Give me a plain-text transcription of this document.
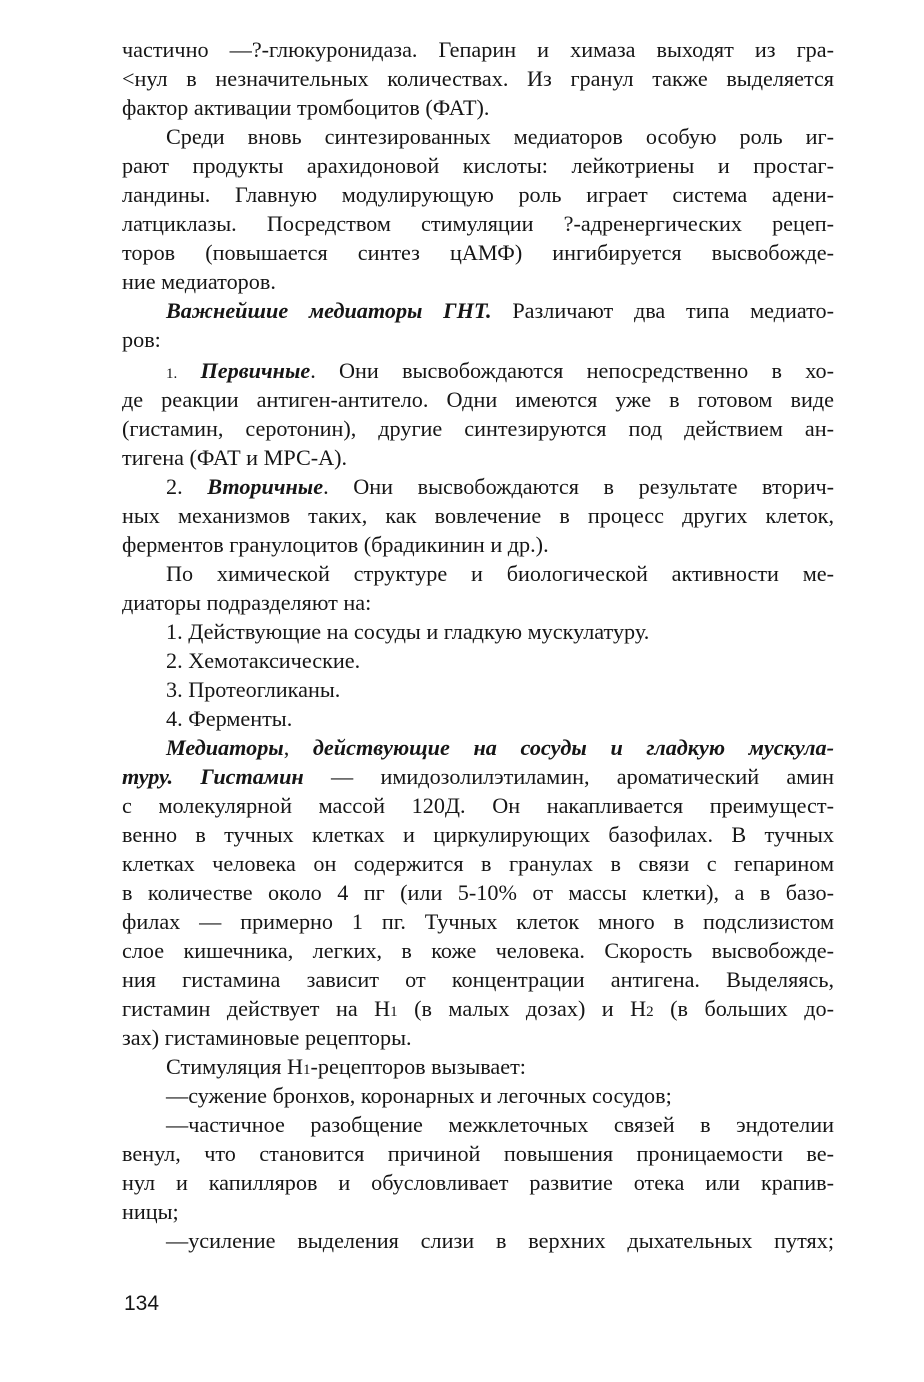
частично —?-глюкуронидаза. Гепарин и химаза выходят из гра-
<нул в незначительных количествах. Из гранул также выделяется
фактор активации тромбоцитов (ФАТ).
Среди вновь синтезированных медиаторов особую роль иг-
рают продукты арахидоновой кислоты: лейкотриены и простаг-
ландины. Главную модулирующую роль играет система адени-
латциклазы. Посредством стимуляции ?-адренергических рецеп-
торов (повышается синтез цАМФ) ингибируется высвобожде-
ние медиаторов.
Важнейшие медиаторы ГНТ. Различают два типа медиато-
ров:
1. Первичные. Они высвобождаются непосредственно в хо-
де реакции антиген-антитело. Одни имеются уже в готовом виде
(гистамин, серотонин), другие синтезируются под действием ан-
тигена (ФАТ и МРС-А).
2. Вторичные. Они высвобождаются в результате вторич-
ных механизмов таких, как вовлечение в процесс других клеток,
ферментов гранулоцитов (брадикинин и др.).
По химической структуре и биологической активности ме-
диаторы подразделяют на:
1. Действующие на сосуды и гладкую мускулатуру.
2. Хемотаксические.
3. Протеогликаны.
4. Ферменты.
Медиаторы, действующие на сосуды и гладкую мускула-
туру. Гистамин — имидозолилэтиламин, ароматический амин
с молекулярной массой 120Д. Он накапливается преимущест-
венно в тучных клетках и циркулирующих базофилах. В тучных
клетках человека он содержится в гранулах в связи с гепарином
в количестве около 4 пг (или 5-10% от массы клетки), а в базо-
филах — примерно 1 пг. Тучных клеток много в подслизистом
слое кишечника, легких, в коже человека. Скорость высвобожде-
ния гистамина зависит от концентрации антигена. Выделяясь,
гистамин действует на Н1 (в малых дозах) и Н2 (в больших до-
зах) гистаминовые рецепторы.
Стимуляция Н1-рецепторов вызывает:
—сужение бронхов, коронарных и легочных сосудов;
—частичное разобщение межклеточных связей в эндотелии
венул, что становится причиной повышения проницаемости ве-
нул и капилляров и обусловливает развитие отека или крапив-
ницы;
—усиление выделения слизи в верхних дыхательных путях;
134
